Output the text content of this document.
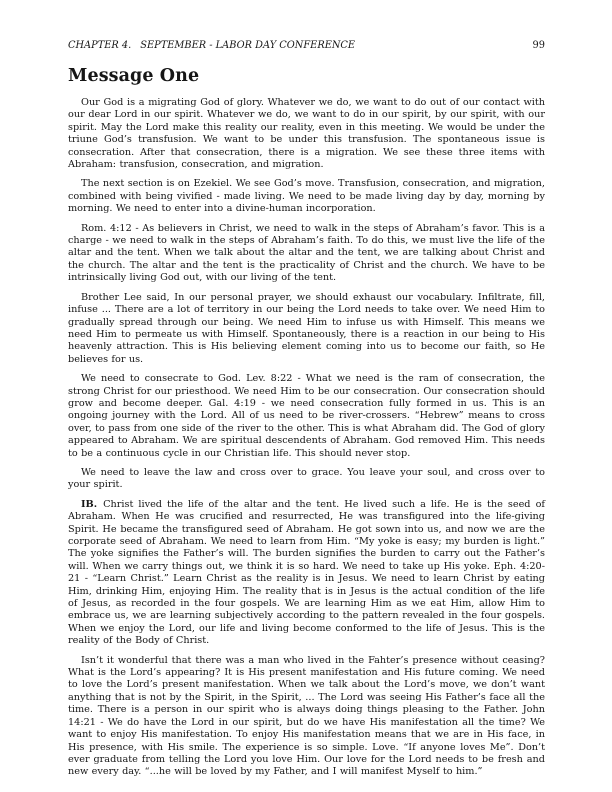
CHAPTER 4. SEPTEMBER - LABOR DAY CONFERENCE	99
Message One

Our God is a migrating God of glory. Whatever we do, we want to do out of our contact with our dear Lord in our spirit. Whatever we do, we want to do in our spirit, by our spirit, with our spirit. May the Lord make this reality our reality, even in this meeting. We would be under the triune God’s transfusion. We want to be under this transfusion. The spontaneous issue is consecration. After that consecration, there is a migration. We see these three items with Abraham: transfusion, consecration, and migration.

The next section is on Ezekiel. We see God’s move. Transfusion, consecration, and migration, combined with being vivified - made living. We need to be made living day by day, morning by morning. We need to enter into a divine-human incorporation.

Rom. 4:12 - As believers in Christ, we need to walk in the steps of Abraham’s favor. This is a charge - we need to walk in the steps of Abraham’s faith. To do this, we must live the life of the altar and the tent. When we talk about the altar and the tent, we are talking about Christ and the church. The altar and the tent is the practicality of Christ and the church. We have to be intrinsically living God out, with our living of the tent.

Brother Lee said, In our personal prayer, we should exhaust our vocabulary. Infiltrate, fill, infuse ... There are a lot of territory in our being the Lord needs to take over. We need Him to gradually spread through our being. We need Him to infuse us with Himself. This means we need Him to permeate us with Himself. Spontaneously, there is a reaction in our being to His heavenly attraction. This is His believing element coming into us to become our faith, so He believes for us.

We need to consecrate to God. Lev. 8:22 - What we need is the ram of consecration, the strong Christ for our priesthood. We need Him to be our consecration. Our consecration should grow and become deeper. Gal. 4:19 - we need consecration fully formed in us. This is an ongoing journey with the Lord. All of us need to be river-crossers. “Hebrew” means to cross over, to pass from one side of the river to the other. This is what Abraham did. The God of glory appeared to Abraham. We are spiritual descendents of Abraham. God removed Him. This needs to be a continuous cycle in our Christian life. This should never stop.

We need to leave the law and cross over to grace. You leave your soul, and cross over to your spirit.

IB. Christ lived the life of the altar and the tent. He lived such a life. He is the seed of Abraham. When He was crucified and resurrected, He was transfigured into the life-giving Spirit. He became the transfigured seed of Abraham. He got sown into us, and now we are the corporate seed of Abraham. We need to learn from Him. “My yoke is easy; my burden is light.” The yoke signifies the Father’s will. The burden signifies the burden to carry out the Father’s will. When we carry things out, we think it is so hard. We need to take up His yoke. Eph. 4:20-21 - “Learn Christ.” Learn Christ as the reality is in Jesus. We need to learn Christ by eating Him, drinking Him, enjoying Him. The reality that is in Jesus is the actual condition of the life of Jesus, as recorded in the four gospels. We are learning Him as we eat Him, allow Him to embrace us, we are learning subjectively according to the pattern revealed in the four gospels. When we enjoy the Lord, our life and living become conformed to the life of Jesus. This is the reality of the Body of Christ.

Isn’t it wonderful that there was a man who lived in the Fahter’s presence without ceasing? What is the Lord’s appearing? It is His present manifestation and His future coming. We need to love the Lord’s present manifestation. When we talk about the Lord’s move, we don’t want anything that is not by the Spirit, in the Spirit, ... The Lord was seeing His Father’s face all the time. There is a person in our spirit who is always doing things pleasing to the Father. John 14:21 - We do have the Lord in our spirit, but do we have His manifestation all the time? We want to enjoy His manifestation. To enjoy His manifestation means that we are in His face, in His presence, with His smile. The experience is so simple. Love. “If anyone loves Me”. Don’t ever graduate from telling the Lord you love Him. Our love for the Lord needs to be fresh and new every day. “...he will be loved by my Father, and I will manifest Myself to him.”
